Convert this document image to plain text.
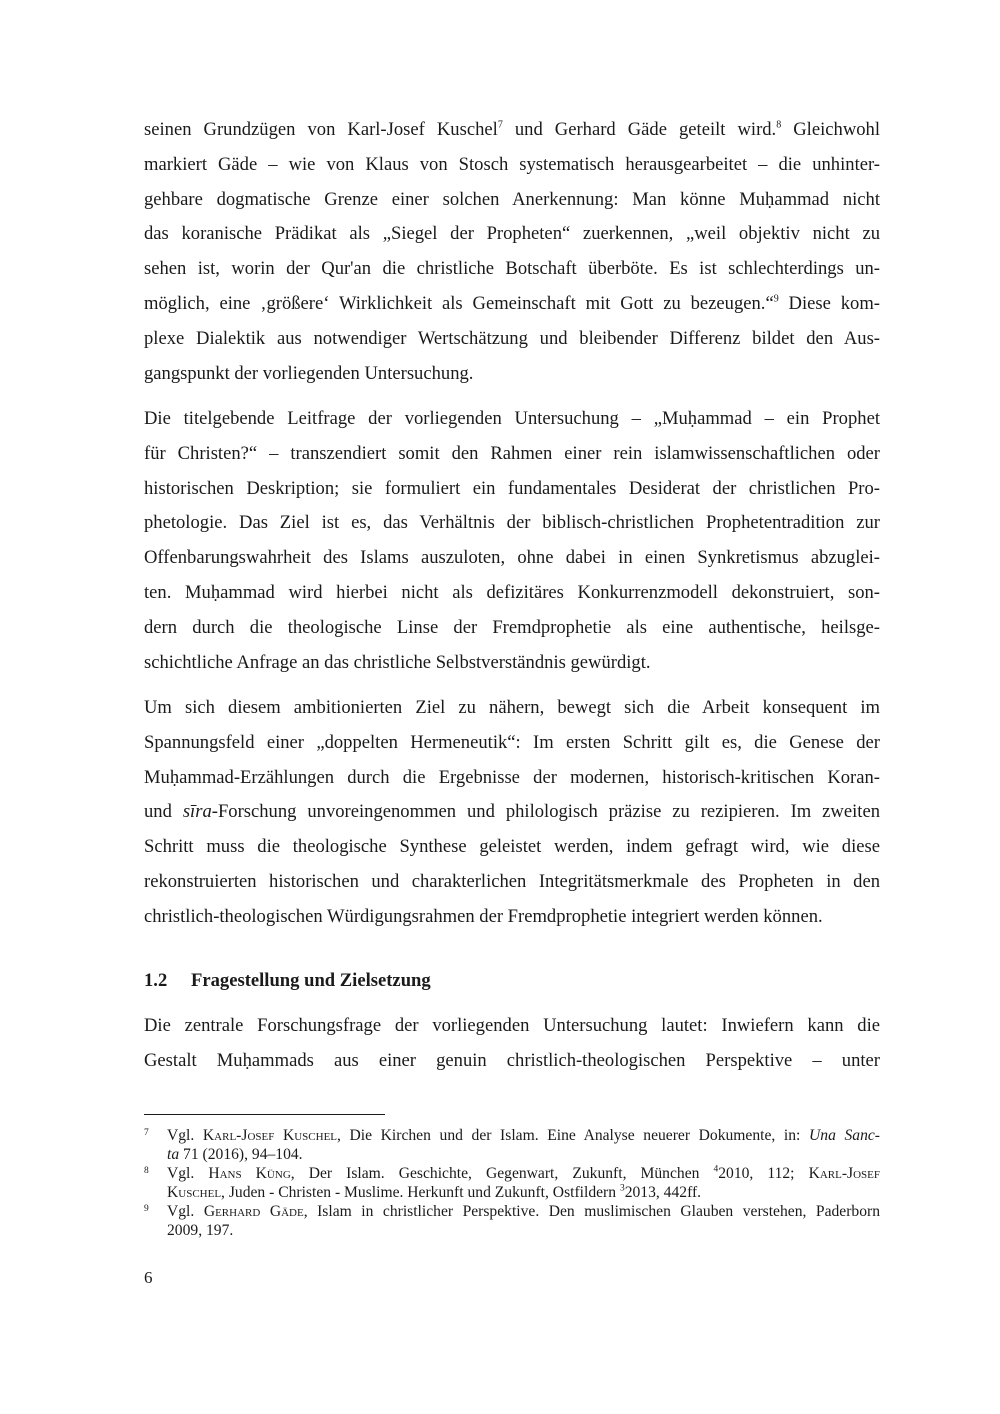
seinen Grundzügen von Karl-Josef Kuschel$^7$ und Gerhard Gäde geteilt wird.$^8$ Gleichwohl
markiert Gäde – wie von Klaus von Stosch systematisch herausgearbeitet – die unhinter-
gehbare dogmatische Grenze einer solchen Anerkennung: Man könne Muḥammad nicht
das koranische Prädikat als „Siegel der Propheten“ zuerkennen, „weil objektiv nicht zu
sehen ist, worin der Qur'an die christliche Botschaft überböte. Es ist schlechterdings un-
möglich, eine ‚größere‘ Wirklichkeit als Gemeinschaft mit Gott zu bezeugen.“$^9$ Diese kom-
plexe Dialektik aus notwendiger Wertschätzung und bleibender Differenz bildet den Aus-
gangspunkt der vorliegenden Untersuchung.
Die titelgebende Leitfrage der vorliegenden Untersuchung – „Muḥammad – ein Prophet
für Christen?“ – transzendiert somit den Rahmen einer rein islamwissenschaftlichen oder
historischen Deskription; sie formuliert ein fundamentales Desiderat der christlichen Pro-
phetologie. Das Ziel ist es, das Verhältnis der biblisch-christlichen Prophetentradition zur
Offenbarungswahrheit des Islams auszuloten, ohne dabei in einen Synkretismus abzuglei-
ten. Muḥammad wird hierbei nicht als defizitäres Konkurrenzmodell dekonstruiert, son-
dern durch die theologische Linse der Fremdprophetie als eine authentische, heilsge-
schichtliche Anfrage an das christliche Selbstverständnis gewürdigt.
Um sich diesem ambitionierten Ziel zu nähern, bewegt sich die Arbeit konsequent im
Spannungsfeld einer „doppelten Hermeneutik“: Im ersten Schritt gilt es, die Genese der
Muḥammad-Erzählungen durch die Ergebnisse der modernen, historisch-kritischen Koran-
und sīra-Forschung unvoreingenommen und philologisch präzise zu rezipieren. Im zweiten
Schritt muss die theologische Synthese geleistet werden, indem gefragt wird, wie diese
rekonstruierten historischen und charakterlichen Integritätsmerkmale des Propheten in den
christlich-theologischen Würdigungsrahmen der Fremdprophetie integriert werden können.
1.2 Fragestellung und Zielsetzung
Die zentrale Forschungsfrage der vorliegenden Untersuchung lautet: Inwiefern kann die
Gestalt Muḥammads aus einer genuin christlich-theologischen Perspektive – unter
7 Vgl. Karl-Josef Kuschel, Die Kirchen und der Islam. Eine Analyse neuerer Dokumente, in: Una Sanc-
ta 71 (2016), 94–104.
8 Vgl. Hans Küng, Der Islam. Geschichte, Gegenwart, Zukunft, München $^4$2010, 112; Karl-Josef
Kuschel, Juden - Christen - Muslime. Herkunft und Zukunft, Ostfildern $^3$2013, 442ff.
9 Vgl. Gerhard Gäde, Islam in christlicher Perspektive. Den muslimischen Glauben verstehen, Paderborn
2009, 197.
6
